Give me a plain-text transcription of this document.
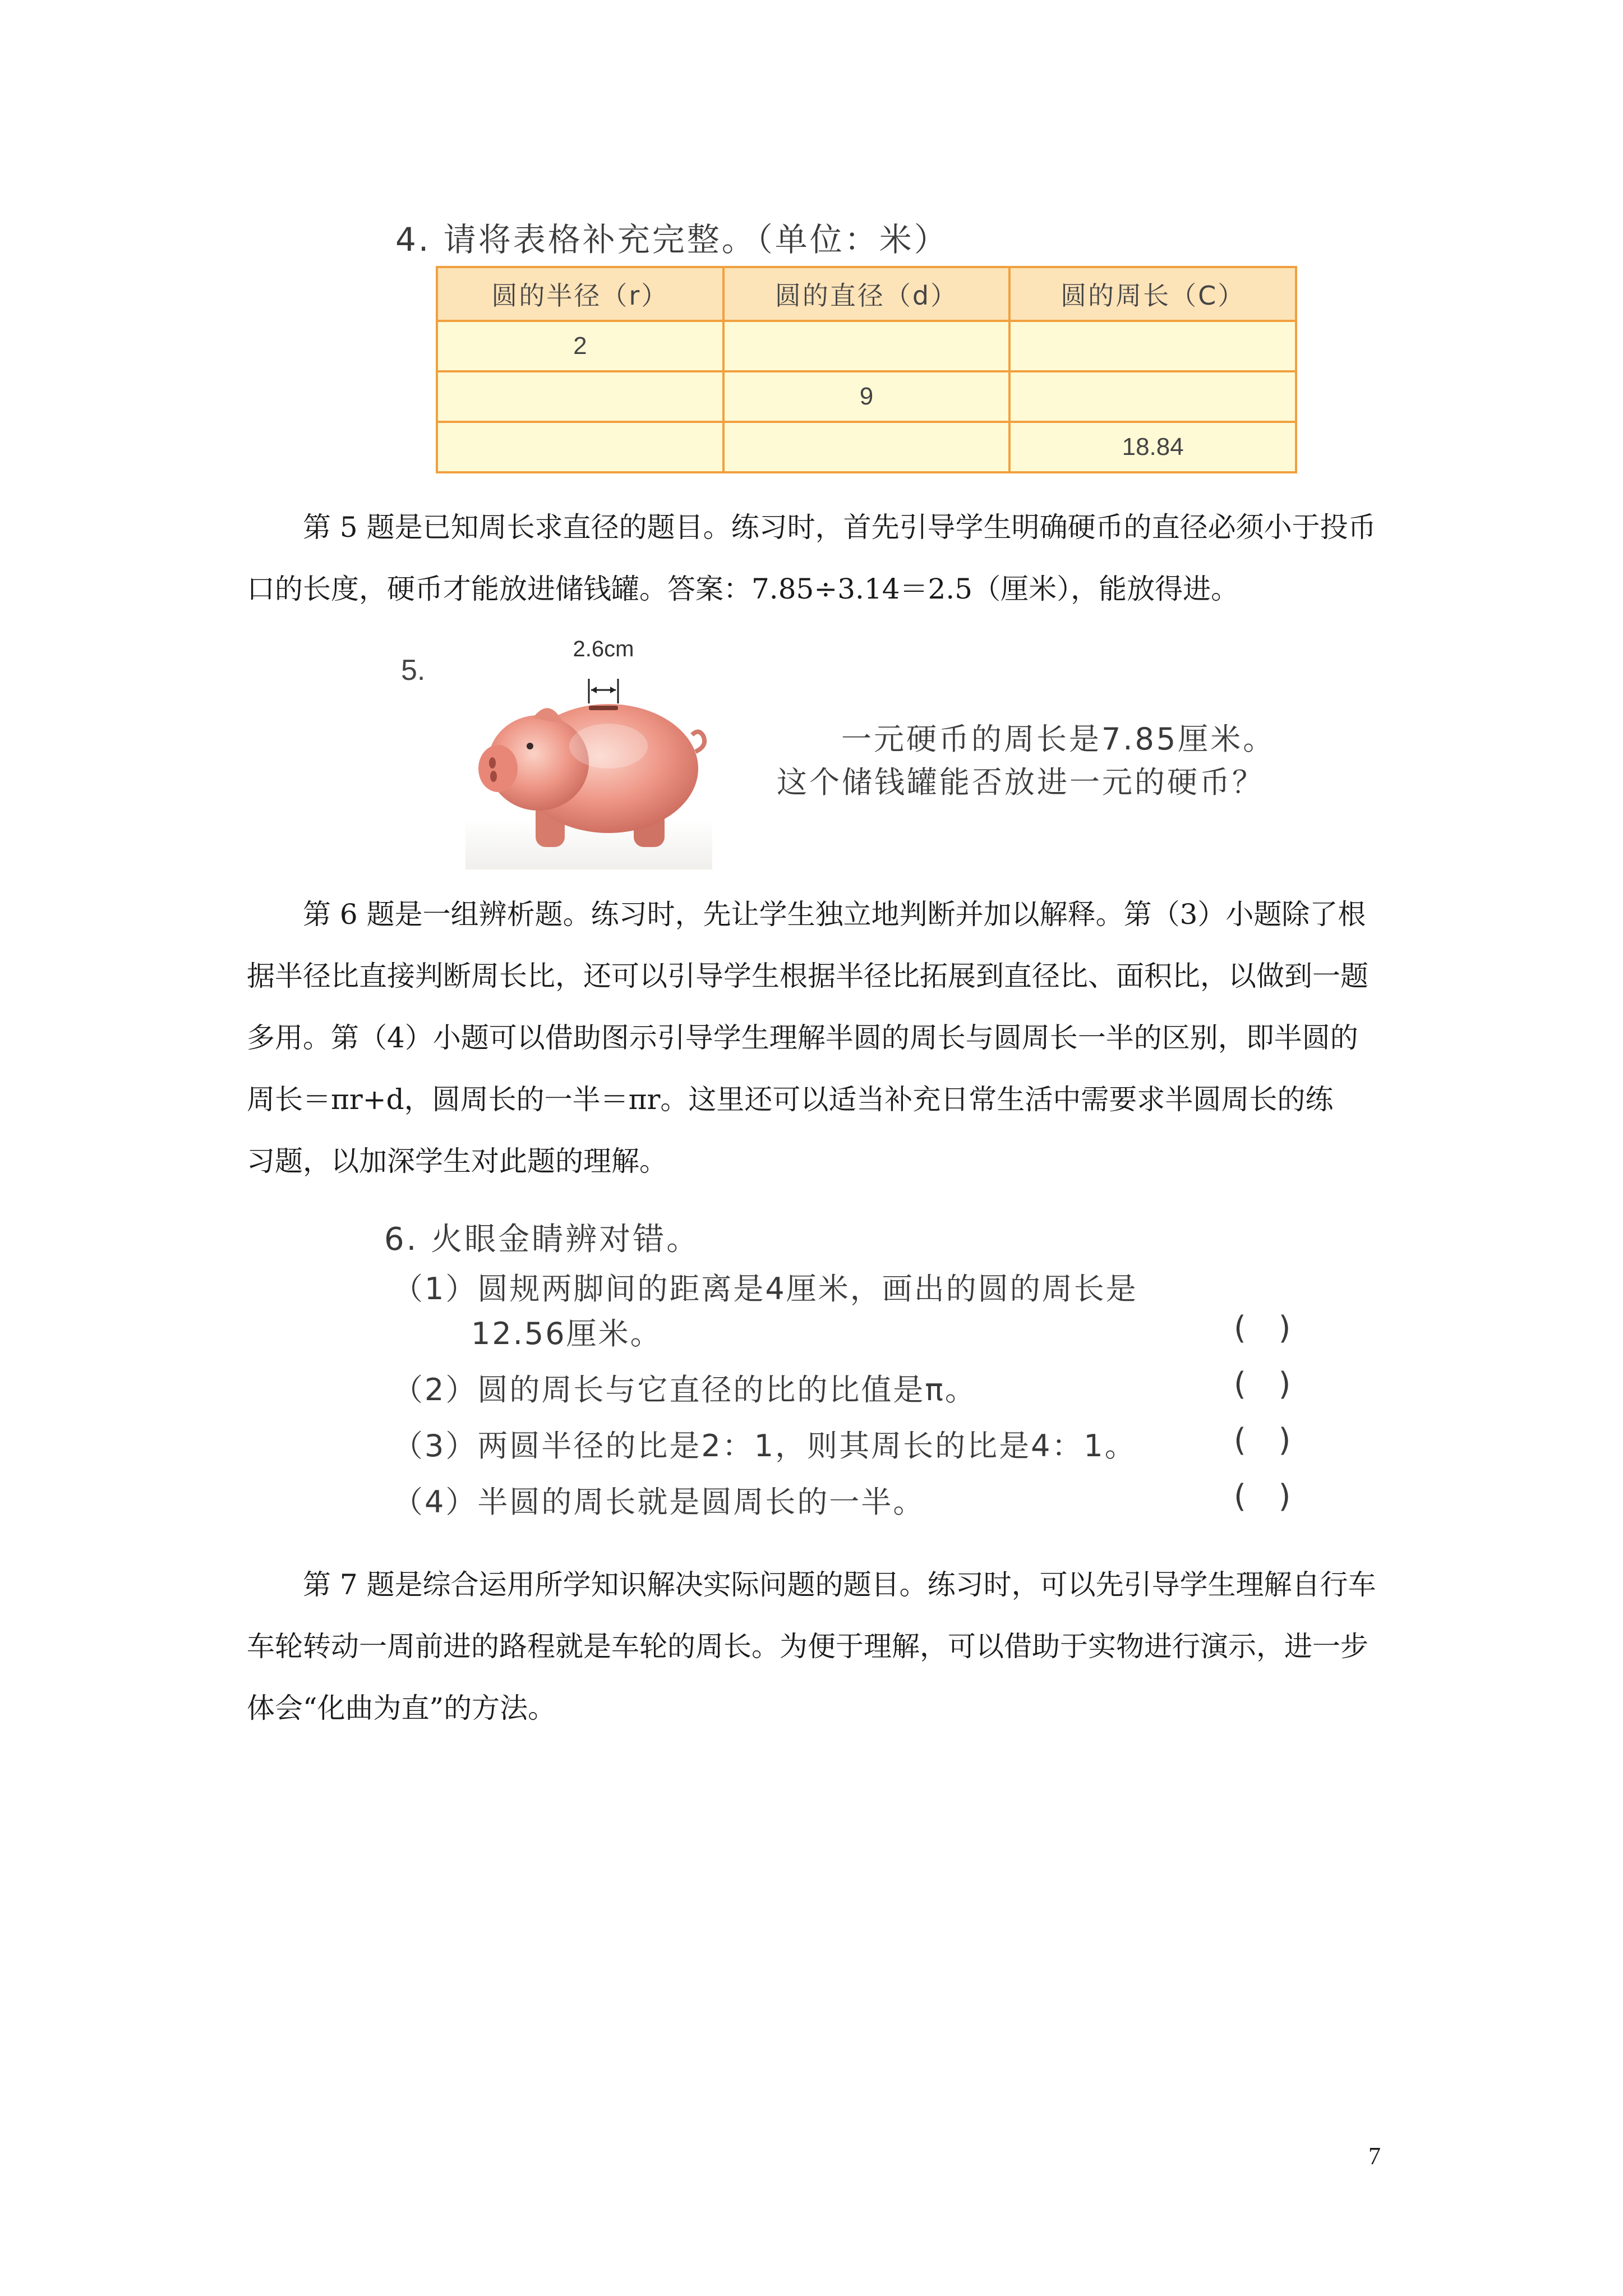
4. 请将表格补充完整。（单位：米）
圆的半径（r）	圆的直径（d）	圆的周长（C）
2		
	9	
		18.84
第 5 题是已知周长求直径的题目。练习时，首先引导学生明确硬币的直径必须小于投币
口的长度，硬币才能放进储钱罐。答案：7.85÷3.14＝2.5（厘米），能放得进。
5.
2.6cm
一元硬币的周长是7.85厘米。
这个储钱罐能否放进一元的硬币？
第 6 题是一组辨析题。练习时，先让学生独立地判断并加以解释。第（3）小题除了根
据半径比直接判断周长比，还可以引导学生根据半径比拓展到直径比、面积比，以做到一题
多用。第（4）小题可以借助图示引导学生理解半圆的周长与圆周长一半的区别，即半圆的
周长＝πr+d，圆周长的一半＝πr。这里还可以适当补充日常生活中需要求半圆周长的练
习题，以加深学生对此题的理解。
6. 火眼金睛辨对错。
（1）圆规两脚间的距离是4厘米，画出的圆的周长是
12.56厘米。	( )
（2）圆的周长与它直径的比的比值是π。	( )
（3）两圆半径的比是2：1，则其周长的比是4：1。	( )
（4）半圆的周长就是圆周长的一半。	( )
第 7 题是综合运用所学知识解决实际问题的题目。练习时，可以先引导学生理解自行车
车轮转动一周前进的路程就是车轮的周长。为便于理解，可以借助于实物进行演示，进一步
体会“化曲为直”的方法。
7
